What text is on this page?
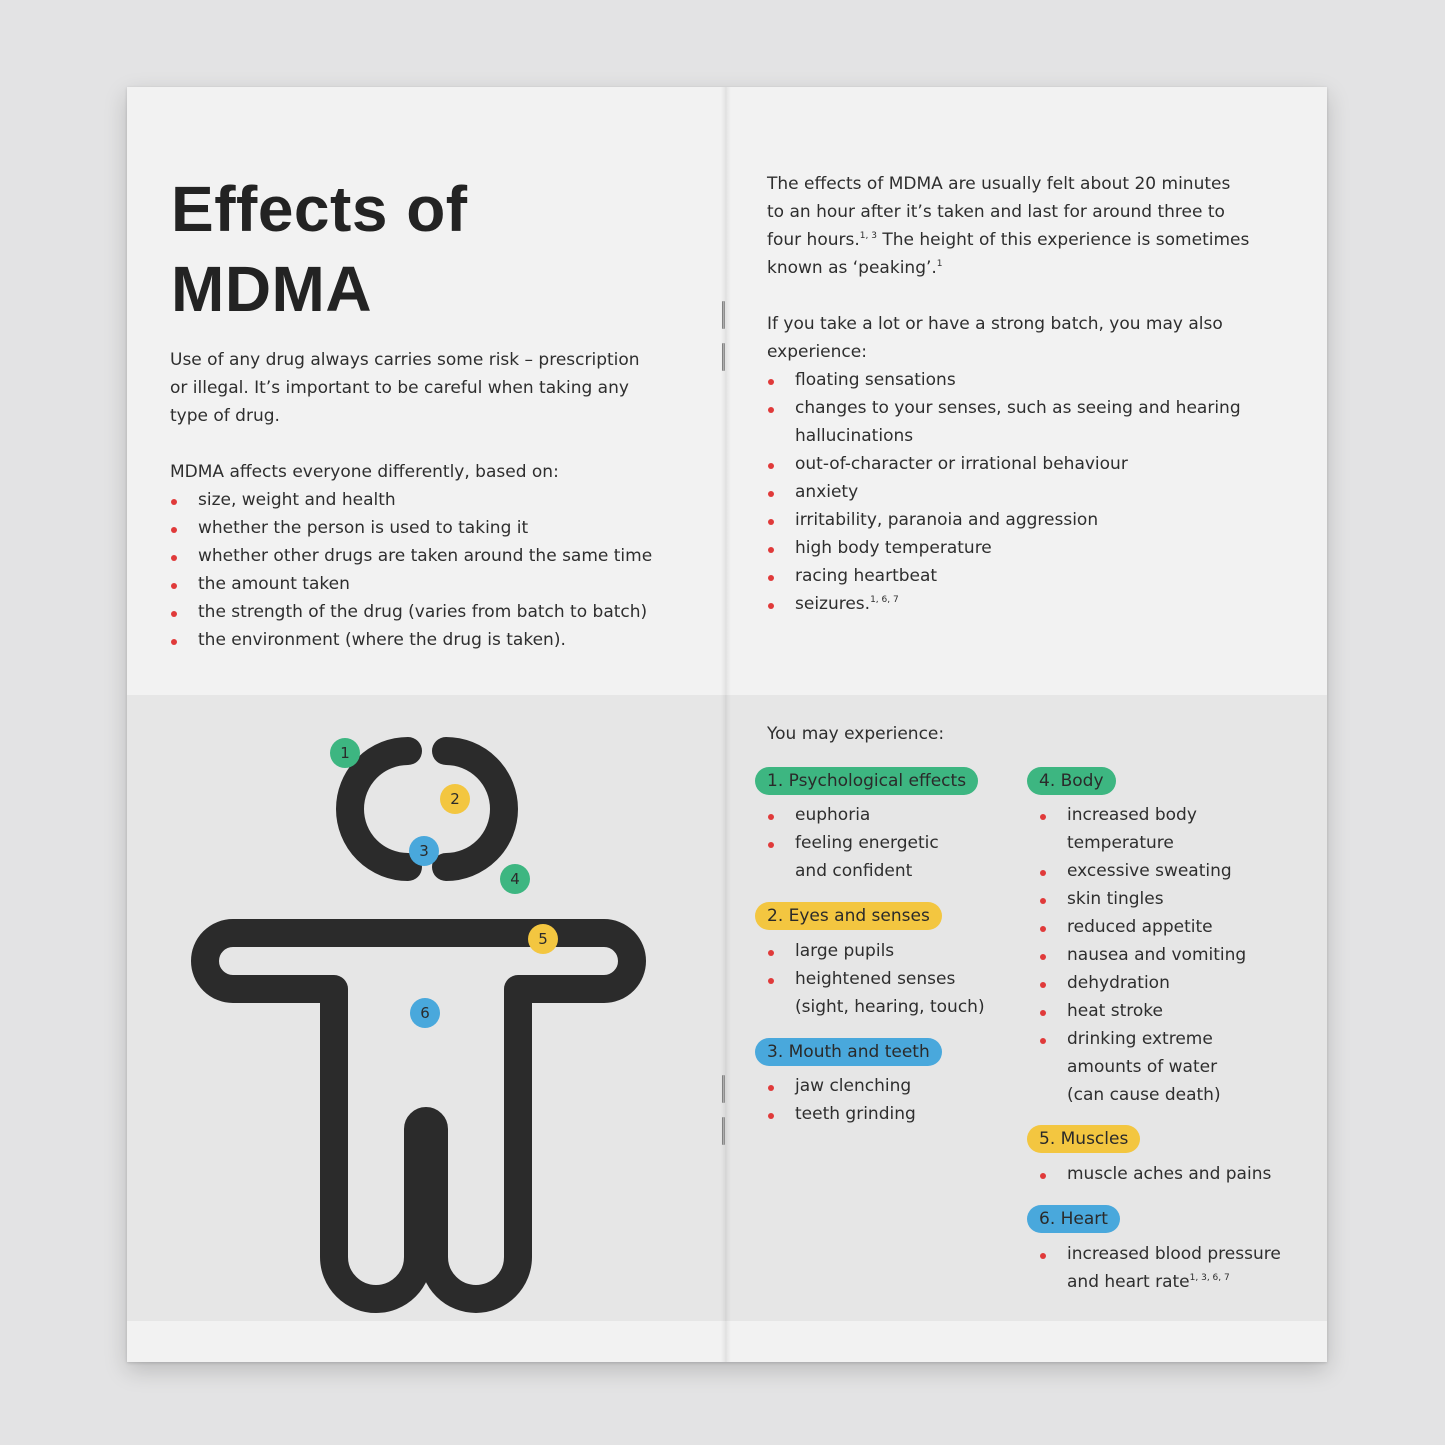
Effects of
MDMA

Use of any drug always carries some risk – prescription
or illegal. It’s important to be careful when taking any
type of drug.

MDMA affects everyone differently, based on:

size, weight and health
whether the person is used to taking it
whether other drugs are taken around the same time
the amount taken
the strength of the drug (varies from batch to batch)
the environment (where the drug is taken).
1
2
3
4
5
6

The effects of MDMA are usually felt about 20 minutes
to an hour after it’s taken and last for around three to
four hours.$^{1, 3}$ The height of this experience is sometimes
known as ‘peaking’.$^1$

If you take a lot or have a strong batch, you may also
experience:

floating sensations
changes to your senses, such as seeing and hearing
hallucinations
out-of-character or irrational behaviour
anxiety
irritability, paranoia and aggression
high body temperature
racing heartbeat
seizures.$^{1, 6, 7}$

You may experience:

1. Psychological effects
euphoria
feeling energetic
and confident
2. Eyes and senses
large pupils
heightened senses
(sight, hearing, touch)
3. Mouth and teeth
jaw clenching
teeth grinding
4. Body
increased body
temperature
excessive sweating
skin tingles
reduced appetite
nausea and vomiting
dehydration
heat stroke
drinking extreme
amounts of water
(can cause death)
5. Muscles
muscle aches and pains
6. Heart
increased blood pressure
and heart rate$^{1, 3, 6, 7}$
